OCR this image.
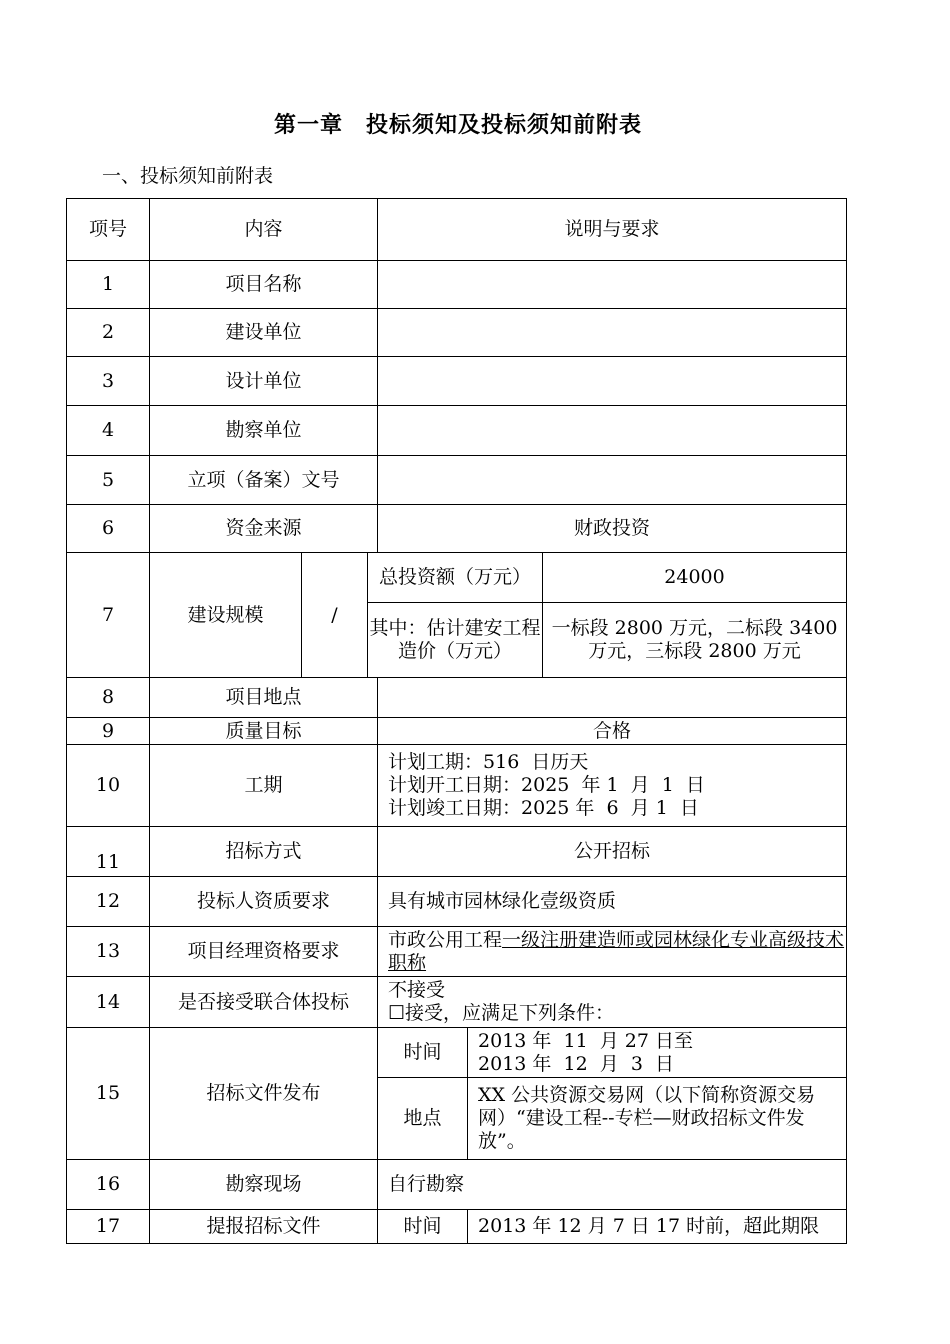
第一章　投标须知及投标须知前附表
一、投标须知前附表
项号	内容			说明与要求		
1	项目名称					
2	建设单位					
3	设计单位					
4	勘察单位					
5	立项（备案）文号					
6	资金来源			财政投资		
7	建设规模	/	总投资额（万元）			24000
			其中：估计建安工程造价（万元）			一标段 2800 万元，二标段 3400 万元，三标段 2800 万元
8	项目地点					
9	质量目标			合格		
10	工期			计划工期：516  日历天
计划开工日期：2025  年 1  月  1  日
计划竣工日期：2025 年  6  月 1  日		

11	招标方式			公开招标		
12	投标人资质要求			具有城市园林绿化壹级资质		
13	项目经理资格要求			市政公用工程一级注册建造师或园林绿化专业高级技术职称		
14	是否接受联合体投标			不接受
☐接受，应满足下列条件：		

15	招标文件发布			时间	2013 年  11  月 27 日至
2013 年  12  月  3  日	

				地点	XX 公共资源交易网（以下简称资源交易网）“建设工程--专栏—财政招标文件发放”。	
16	勘察现场			自行勘察		
17	提报招标文件			时间	2013 年 12 月 7 日 17 时前，超此期限	
